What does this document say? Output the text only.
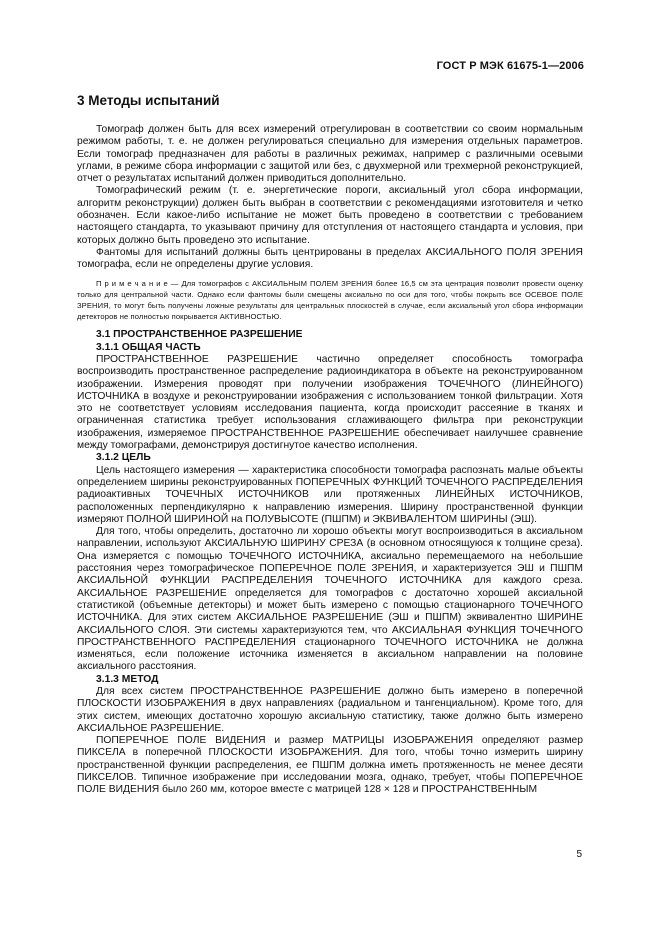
ГОСТ Р МЭК 61675-1—2006
3 Методы испытаний

Томограф должен быть для всех измерений отрегулирован в соответствии со своим нормальным режимом работы, т. е. не должен регулироваться специально для измерения отдельных параметров. Если томограф предназначен для работы в различных режимах, например с различными осевыми углами, в режиме сбора информации с защитой или без, с двухмерной или трехмерной реконструкцией, отчет о результатах испытаний должен приводиться дополнительно.

Томографический режим (т. е. энергетические пороги, аксиальный угол сбора информации, алгоритм реконструкции) должен быть выбран в соответствии с рекомендациями изготовителя и четко обозначен. Если какое-либо испытание не может быть проведено в соответствии с требованием настоящего стандарта, то указывают причину для отступления от настоящего стандарта и условия, при которых должно быть проведено это испытание.

Фантомы для испытаний должны быть центрированы в пределах АКСИАЛЬНОГО ПОЛЯ ЗРЕНИЯ томографа, если не определены другие условия.

П р и м е ч а н и е — Для томографов с АКСИАЛЬНЫМ ПОЛЕМ ЗРЕНИЯ более 16,5 см эта центрация позволит провести оценку только для центральной части. Однако если фантомы были смещены аксиально по оси для того, чтобы покрыть все ОСЕВОЕ ПОЛЕ ЗРЕНИЯ, то могут быть получены ложные результаты для центральных плоскостей в случае, если аксиальный угол сбора информации детекторов не полностью покрывается АКТИВНОСТЬЮ.

3.1 ПРОСТРАНСТВЕННОЕ РАЗРЕШЕНИЕ

3.1.1 ОБЩАЯ ЧАСТЬ

ПРОСТРАНСТВЕННОЕ РАЗРЕШЕНИЕ частично определяет способность томографа воспроизводить пространственное распределение радиоиндикатора в объекте на реконструированном изображении. Измерения проводят при получении изображения ТОЧЕЧНОГО (ЛИНЕЙНОГО) ИСТОЧНИКА в воздухе и реконструировании изображения с использованием тонкой фильтрации. Хотя это не соответствует условиям исследования пациента, когда происходит рассеяние в тканях и ограниченная статистика требует использования сглаживающего фильтра при реконструкции изображения, измеряемое ПРОСТРАНСТВЕННОЕ РАЗРЕШЕНИЕ обеспечивает наилучшее сравнение между томографами, демонстрируя достигнутое качество исполнения.

3.1.2 ЦЕЛЬ

Цель настоящего измерения — характеристика способности томографа распознать малые объекты определением ширины реконструированных ПОПЕРЕЧНЫХ ФУНКЦИЙ ТОЧЕЧНОГО РАСПРЕДЕЛЕНИЯ радиоактивных ТОЧЕЧНЫХ ИСТОЧНИКОВ или протяженных ЛИНЕЙНЫХ ИСТОЧНИКОВ, расположенных перпендикулярно к направлению измерения. Ширину пространственной функции измеряют ПОЛНОЙ ШИРИНОЙ на ПОЛУВЫСОТЕ (ПШПМ) и ЭКВИВАЛЕНТОМ ШИРИНЫ (ЭШ).

Для того, чтобы определить, достаточно ли хорошо объекты могут воспроизводиться в аксиальном направлении, используют АКСИАЛЬНУЮ ШИРИНУ СРЕЗА (в основном относящуюся к толщине среза). Она измеряется с помощью ТОЧЕЧНОГО ИСТОЧНИКА, аксиально перемещаемого на небольшие расстояния через томографическое ПОПЕРЕЧНОЕ ПОЛЕ ЗРЕНИЯ, и характеризуется ЭШ и ПШПМ АКСИАЛЬНОЙ ФУНКЦИИ РАСПРЕДЕЛЕНИЯ ТОЧЕЧНОГО ИСТОЧНИКА для каждого среза. АКСИАЛЬНОЕ РАЗРЕШЕНИЕ определяется для томографов с достаточно хорошей аксиальной статистикой (объемные детекторы) и может быть измерено с помощью стационарного ТОЧЕЧНОГО ИСТОЧНИКА. Для этих систем АКСИАЛЬНОЕ РАЗРЕШЕНИЕ (ЭШ и ПШПМ) эквивалентно ШИРИНЕ АКСИАЛЬНОГО СЛОЯ. Эти системы характеризуются тем, что АКСИАЛЬНАЯ ФУНКЦИЯ ТОЧЕЧНОГО ПРОСТРАНСТВЕННОГО РАСПРЕДЕЛЕНИЯ стационарного ТОЧЕЧНОГО ИСТОЧНИКА не должна изменяться, если положение источника изменяется в аксиальном направлении на половине аксиального расстояния.

3.1.3 МЕТОД

Для всех систем ПРОСТРАНСТВЕННОЕ РАЗРЕШЕНИЕ должно быть измерено в поперечной ПЛОСКОСТИ ИЗОБРАЖЕНИЯ в двух направлениях (радиальном и тангенциальном). Кроме того, для этих систем, имеющих достаточно хорошую аксиальную статистику, также должно быть измерено АКСИАЛЬНОЕ РАЗРЕШЕНИЕ.

ПОПЕРЕЧНОЕ ПОЛЕ ВИДЕНИЯ и размер МАТРИЦЫ ИЗОБРАЖЕНИЯ определяют размер ПИКСЕЛА в поперечной ПЛОСКОСТИ ИЗОБРАЖЕНИЯ. Для того, чтобы точно измерить ширину пространственной функции распределения, ее ПШПМ должна иметь протяженность не менее десяти ПИКСЕЛОВ. Типичное изображение при исследовании мозга, однако, требует, чтобы ПОПЕРЕЧНОЕ ПОЛЕ ВИДЕНИЯ было 260 мм, которое вместе с матрицей 128 × 128 и ПРОСТРАНСТВЕННЫМ

5
